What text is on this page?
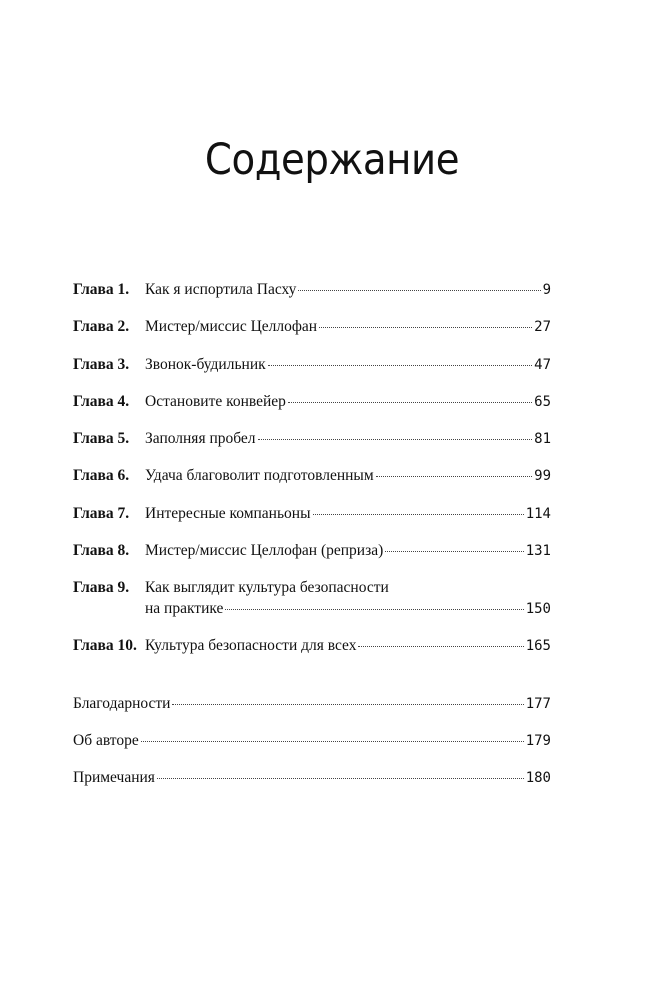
Содержание
Глава 1.	Как я испортила Пасху	9
Глава 2.	Мистер/миссис Целлофан	27
Глава 3.	Звонок-будильник	47
Глава 4.	Остановите конвейер	65
Глава 5.	Заполняя пробел	81
Глава 6.	Удача благоволит подготовленным	99
Глава 7.	Интересные компаньоны	114
Глава 8.	Мистер/миссис Целлофан (реприза)	131
Глава 9.	Как выглядит культура безопасности
на практике	150
Глава 10. Культура безопасности для всех	165
Благодарности	177
Об авторе	179
Примечания	180
